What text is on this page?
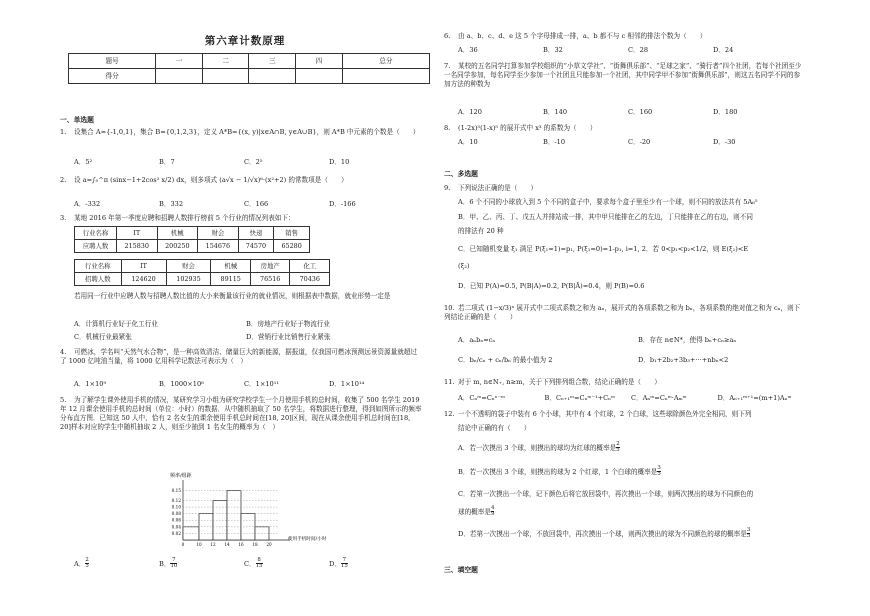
第六章计数原理
题号	一	二	三	四	总分
得分					
一、单选题
1. 设集合 A={-1,0,1}，集合 B={0,1,2,3}，定义 A*B={(x, y)|x∈A∩B, y∈A∪B}，则 A*B 中元素的个数是（　　）
A．5²	B．7	C．2⁵	D．10
2. 设 a=∫₀^π (sinx−1+2cos² x/2) dx，则多项式 (a√x − 1/√x)⁶·(x²+2) 的常数项是（　　）
A．-332	B．332	C．166	D．-166
3. 某地 2016 年第一季度应聘和招聘人数排行榜前 5 个行业的情况列表如下：
行业名称	IT	机械	财会	快递	销售
应聘人数	215830	200250	154676	74570	65280
行业名称	IT	财会	机械	房地产	化工
招聘人数	124620	102935	89115	76516	70436
若用同一行业中应聘人数与招聘人数比值的大小来衡量该行业的就业情况，则根据表中数据，就业形势一定是
A．计算机行业好于化工行业	B．房地产行业好于物流行业
C．机械行业最紧张	D．营销行业比销售行业紧张
4. 可燃冰，学名叫“天然气水合物”，是一种高效清洁、储量巨大的新能源，据报道，仅我国可燃冰预测远景资源量就超过了 1000 亿吨油当量，将 1000 亿用科学记数法可表示为（　）
A．1×10⁹	B．1000×10⁸	C．1×10¹¹	D．1×10¹⁴
5. 为了解学生课外使用手机的情况，某研究学习小组为研究学校学生一个月使用手机的总时间，收集了 500 名学生 2019 年 12 月课余使用手机的总时间（单位：小时）的数据．从中随机抽取了 50 名学生，将数据进行整理，得到如图所示的频率分布直方图．已知这 50 人中，恰有 2 名女生的课余使用手机总时间在[18, 20]区间，现在从课余使用手机总时间在[18, 20]样本对应的学生中随机抽取 2 人，则至少抽到 1 名女生的概率为（　）
频率/组距
0.15
0.12
0.10
0.08
0.06
0.04
0.02
0	10 12 14 16 18 20
使用手机时间/小时
A． $\frac{2}{5}$	B． $\frac{7}{10}$	C． $\frac{8}{15}$	D． $\frac{7}{15}$
6. 由 a、b、c、d、e 这 5 个字母排成一排，a、b 都不与 c 相邻的排法个数为（　　）
A．36	B．32	C．28	D．24
7. 某校的五名同学打算参加学校组织的“小草文学社”、“街舞俱乐部”、“足球之家”、“骑行者”四个社团，若每个社团至少一名同学参加，每名同学至少参加一个社团且只能参加一个社团，其中同学甲不参加“街舞俱乐部”，则这五名同学不同的参加方法的种数为
A．120	B．140	C．160	D．180
8. (1-2x)⁵(1-x)⁵ 的展开式中 x³ 的系数为（　　）
A．10	B．-10	C．-20	D．-30
二、多选题
9. 下列说法正确的是（　　）
A．6 个不同的小球放入到 5 个不同的盒子中，要求每个盒子里至少有一个球，则不同的放法共有 5A₆⁵
B．甲、乙、丙、丁、戊五人并排站成一排，其中甲只能排在乙的左边，丁只能排在乙的右边，则不同
的排法有 20 种
C．已知随机变量 ξ₁ 满足 P(ξ₁=1)=p₁, P(ξ₁=0)=1-p₁, i=1, 2．若 0<p₁<p₂<1/2，则 E(ξ₁)<E
(ξ₂)
D．已知 P(A)=0.5, P(B|A)=0.2, P(B|Ā)=0.4，则 P(B)=0.6
10. 若二项式 (1−x/3)ⁿ 展开式中二项式系数之和为 aₙ，展开式的各项系数之和为 bₙ，各项系数的绝对值之和为 cₙ，则下列结论正确的是（　　）
A．aₙbₙ=cₙ	B．存在 n∈N*，使得 bₙ+cₙ≥aₙ
C．bₙ/cₙ + cₙ/bₙ 的最小值为 2	D．b₁+2b₂+3b₃+···+nbₙ<2
11. 对于 m, n∈N₊, n≥m，关于下列排列组合数，结论正确的是（　　）
A．Cₙᵐ=Cₙⁿ⁻ᵐ	B．Cₙ₊₁ᵐ=Cₙᵐ⁻¹+Cₙᵐ	C．Aₙᵐ=Cₙᵐ·Aₘᵐ	D．Aₙ₊₁ᵐ⁺¹=(m+1)Aₙᵐ
12. 一个不透明的袋子中装有 6 个小球，其中有 4 个红球，2 个白球，这些球除颜色外完全相同，则下列
结论中正确的有（　　）
A．若一次摸出 3 个球，则摸出的球均为红球的概率是 $\frac{2}{5}$
B．若一次摸出 3 个球，则摸出的球为 2 个红球，1 个白球的概率是 $\frac{3}{5}$
C．若第一次摸出一个球，记下颜色后将它放回袋中，再次摸出一个球，则两次摸出的球为不同颜色的
球的概率是 $\frac{4}{9}$
D．若第一次摸出一个球，不放回袋中，再次摸出一个球，则两次摸出的球为不同颜色的球的概率是 $\frac{3}{5}$
三、填空题
